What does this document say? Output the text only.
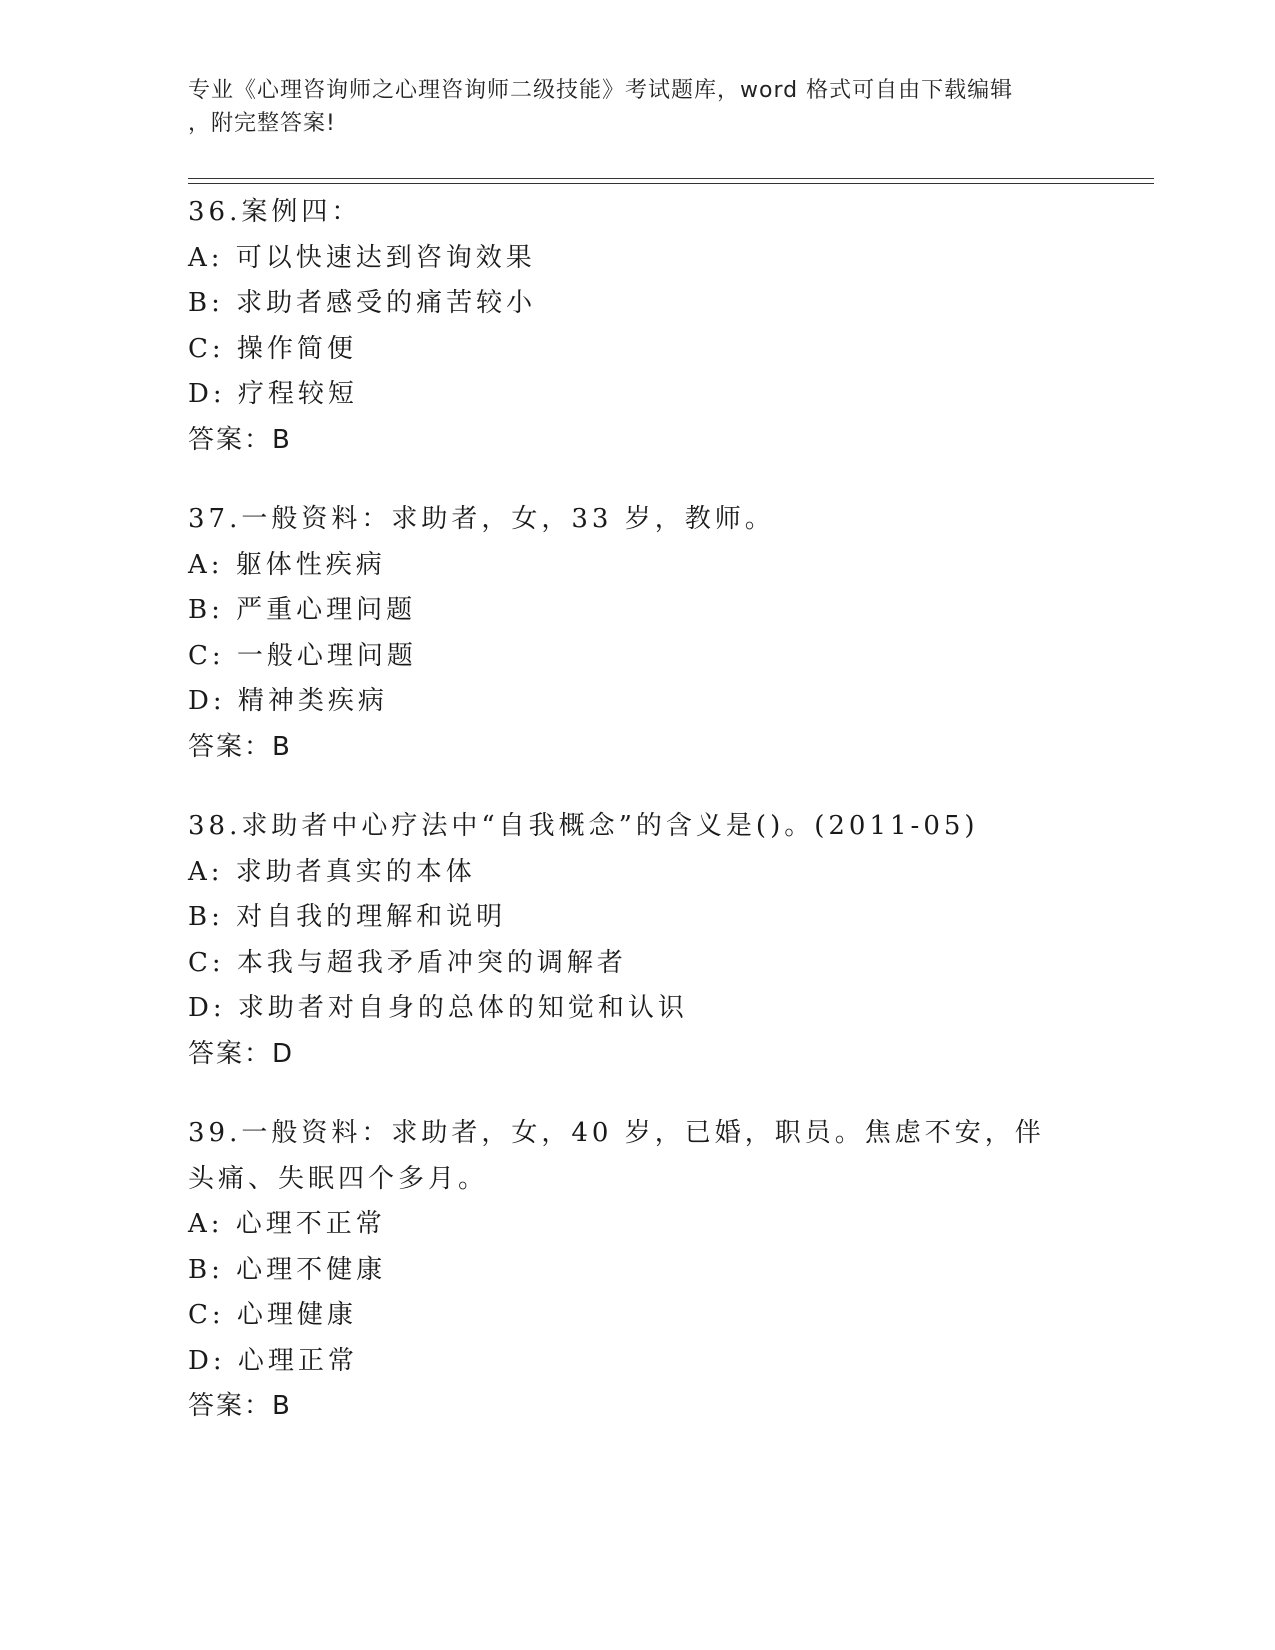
专业《心理咨询师之心理咨询师二级技能》考试题库，word 格式可自由下载编辑
，附完整答案!
36.案例四：
A: 可以快速达到咨询效果
B: 求助者感受的痛苦较小
C: 操作简便
D: 疗程较短
答案：B
37.一般资料：求助者，女，33 岁，教师。
A: 躯体性疾病
B: 严重心理问题
C: 一般心理问题
D: 精神类疾病
答案：B
38.求助者中心疗法中“自我概念”的含义是()。(2011-05)
A: 求助者真实的本体
B: 对自我的理解和说明
C: 本我与超我矛盾冲突的调解者
D: 求助者对自身的总体的知觉和认识
答案：D
39.一般资料：求助者，女，40 岁，已婚，职员。焦虑不安，伴头痛、失眠四个多月。
A: 心理不正常
B: 心理不健康
C: 心理健康
D: 心理正常
答案：B
